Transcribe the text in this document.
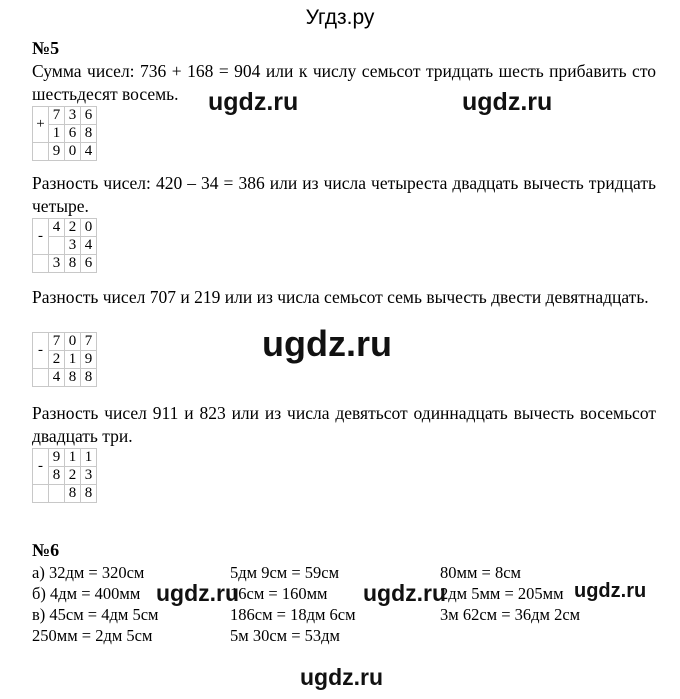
Угдз.ру
№5
Сумма чисел: 736 + 168 = 904 или к числу семьсот тридцать шесть прибавить сто шестьдесят восемь.
+	7	3	6
	1	6	8
	9	0	4
Разность чисел: 420 – 34 = 386 или из числа четыреста двадцать вычесть тридцать четыре.
-	4	2	0
		3	4
	3	8	6
Разность чисел 707 и 219 или из числа семьсот семь вычесть двести девятнадцать.
-	7	0	7
	2	1	9
	4	8	8
Разность чисел 911 и 823 или из числа девятьсот одиннадцать вычесть восемьсот двадцать три.
-	9	1	1
	8	2	3
		8	8
№6
а) 32дм = 320см	5дм 9см = 59см	80мм = 8см
б) 4дм = 400мм	16см = 160мм	2дм 5мм = 205мм
в) 45см = 4дм 5см	186см = 18дм 6см	3м 62см = 36дм 2см
250мм = 2дм 5см	5м 30см = 53дм
ugdz.ru	ugdz.ru
ugdz.ru
ugdz.ru	ugdz.ru	ugdz.ru
ugdz.ru
